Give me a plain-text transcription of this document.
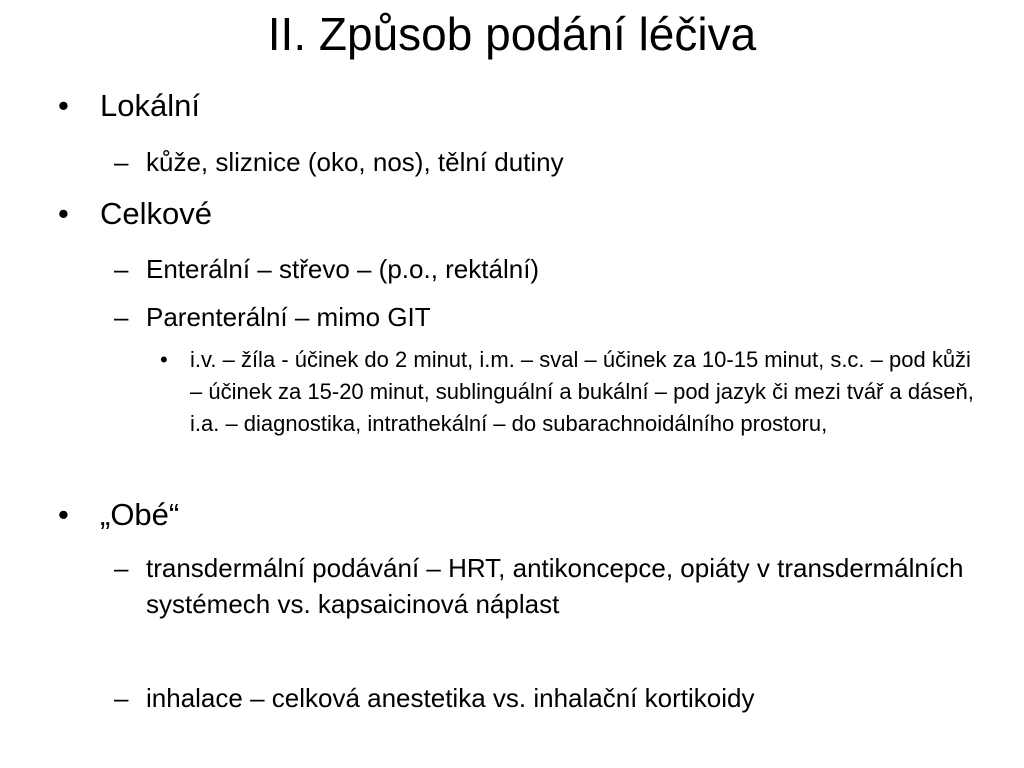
II. Způsob podání léčiva
• Lokální
– kůže, sliznice (oko, nos), tělní dutiny
• Celkové
– Enterální – střevo – (p.o., rektální)
– Parenterální – mimo GIT
• i.v. – žíla - účinek do 2 minut, i.m. – sval – účinek za 10-15 minut, s.c. – pod kůži – účinek za 15-20 minut, sublinguální a bukální – pod jazyk či mezi tvář a dáseň, i.a. – diagnostika, intrathekální – do subarachnoidálního prostoru,
• „Obé“
– transdermální podávání – HRT, antikoncepce, opiáty v transdermálních systémech vs. kapsaicinová náplast
– inhalace – celková anestetika vs. inhalační kortikoidy
